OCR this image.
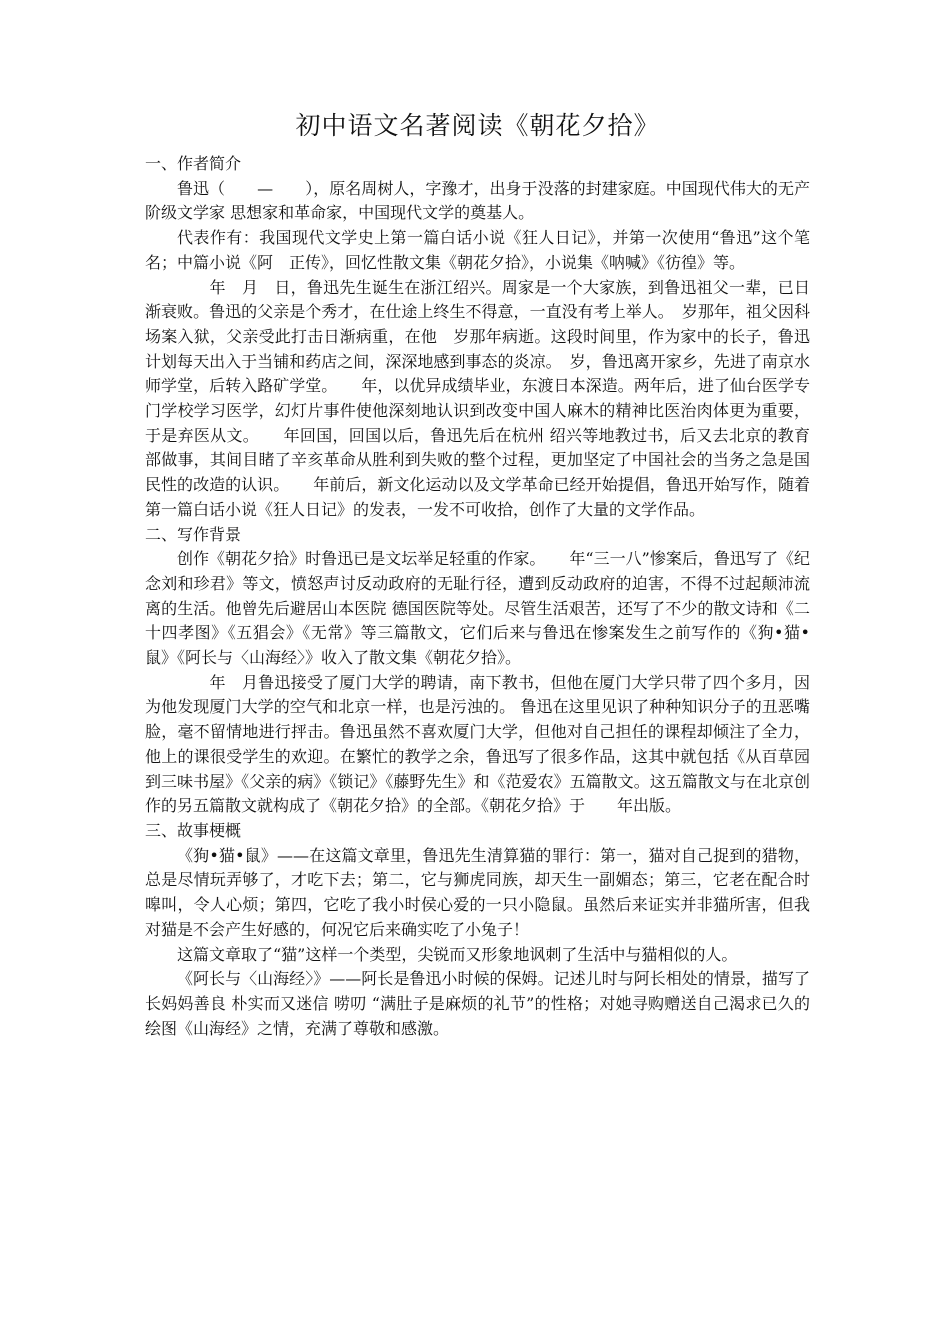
初中语文名著阅读《朝花夕拾》

一、作者简介

鲁迅（　　—　　），原名周树人，字豫才，出身于没落的封建家庭。中国现代伟大的无产阶级文学家 思想家和革命家，中国现代文学的奠基人。

代表作有：我国现代文学史上第一篇白话小说《狂人日记》，并第一次使用“鲁迅”这个笔名；中篇小说《阿　正传》，回忆性散文集《朝花夕拾》，小说集《呐喊》《彷徨》等。

　　年　月　日，鲁迅先生诞生在浙江绍兴。周家是一个大家族，到鲁迅祖父一辈，已日渐衰败。鲁迅的父亲是个秀才，在仕途上终生不得意，一直没有考上举人。　岁那年，祖父因科场案入狱，父亲受此打击日渐病重，在他　岁那年病逝。这段时间里，作为家中的长子，鲁迅计划每天出入于当铺和药店之间，深深地感到事态的炎凉。　岁，鲁迅离开家乡，先进了南京水师学堂，后转入路矿学堂。　　年，以优异成绩毕业，东渡日本深造。两年后，进了仙台医学专门学校学习医学，幻灯片事件使他深刻地认识到改变中国人麻木的精神比医治肉体更为重要，于是弃医从文。　　年回国，回国以后，鲁迅先后在杭州 绍兴等地教过书，后又去北京的教育部做事，其间目睹了辛亥革命从胜利到失败的整个过程，更加坚定了中国社会的当务之急是国民性的改造的认识。　　年前后，新文化运动以及文学革命已经开始提倡，鲁迅开始写作，随着第一篇白话小说《狂人日记》的发表，一发不可收拾，创作了大量的文学作品。

二、写作背景

创作《朝花夕拾》时鲁迅已是文坛举足轻重的作家。　　年“三一八”惨案后，鲁迅写了《纪念刘和珍君》等文，愤怒声讨反动政府的无耻行径，遭到反动政府的迫害，不得不过起颠沛流离的生活。他曾先后避居山本医院 德国医院等处。尽管生活艰苦，还写了不少的散文诗和《二十四孝图》《五猖会》《无常》等三篇散文，它们后来与鲁迅在惨案发生之前写作的《狗•猫•鼠》《阿长与〈山海经〉》收入了散文集《朝花夕拾》。

　　年　月鲁迅接受了厦门大学的聘请，南下教书，但他在厦门大学只带了四个多月，因为他发现厦门大学的空气和北京一样，也是污浊的。 鲁迅在这里见识了种种知识分子的丑恶嘴脸，毫不留情地进行抨击。鲁迅虽然不喜欢厦门大学，但他对自己担任的课程却倾注了全力，他上的课很受学生的欢迎。在繁忙的教学之余，鲁迅写了很多作品，这其中就包括《从百草园到三味书屋》《父亲的病》《锁记》《藤野先生》和《范爱农》五篇散文。这五篇散文与在北京创作的另五篇散文就构成了《朝花夕拾》的全部。《朝花夕拾》于　　年出版。

三、故事梗概

《狗•猫•鼠》——在这篇文章里，鲁迅先生清算猫的罪行：第一，猫对自己捉到的猎物，总是尽情玩弄够了，才吃下去；第二，它与狮虎同族，却天生一副媚态；第三，它老在配合时嗥叫，令人心烦；第四，它吃了我小时侯心爱的一只小隐鼠。虽然后来证实并非猫所害，但我对猫是不会产生好感的，何况它后来确实吃了小兔子！

这篇文章取了“猫”这样一个类型，尖锐而又形象地讽刺了生活中与猫相似的人。

《阿长与〈山海经〉》——阿长是鲁迅小时候的保姆。记述儿时与阿长相处的情景，描写了长妈妈善良 朴实而又迷信 唠叨 “满肚子是麻烦的礼节”的性格；对她寻购赠送自己渴求已久的绘图《山海经》之情，充满了尊敬和感激。
